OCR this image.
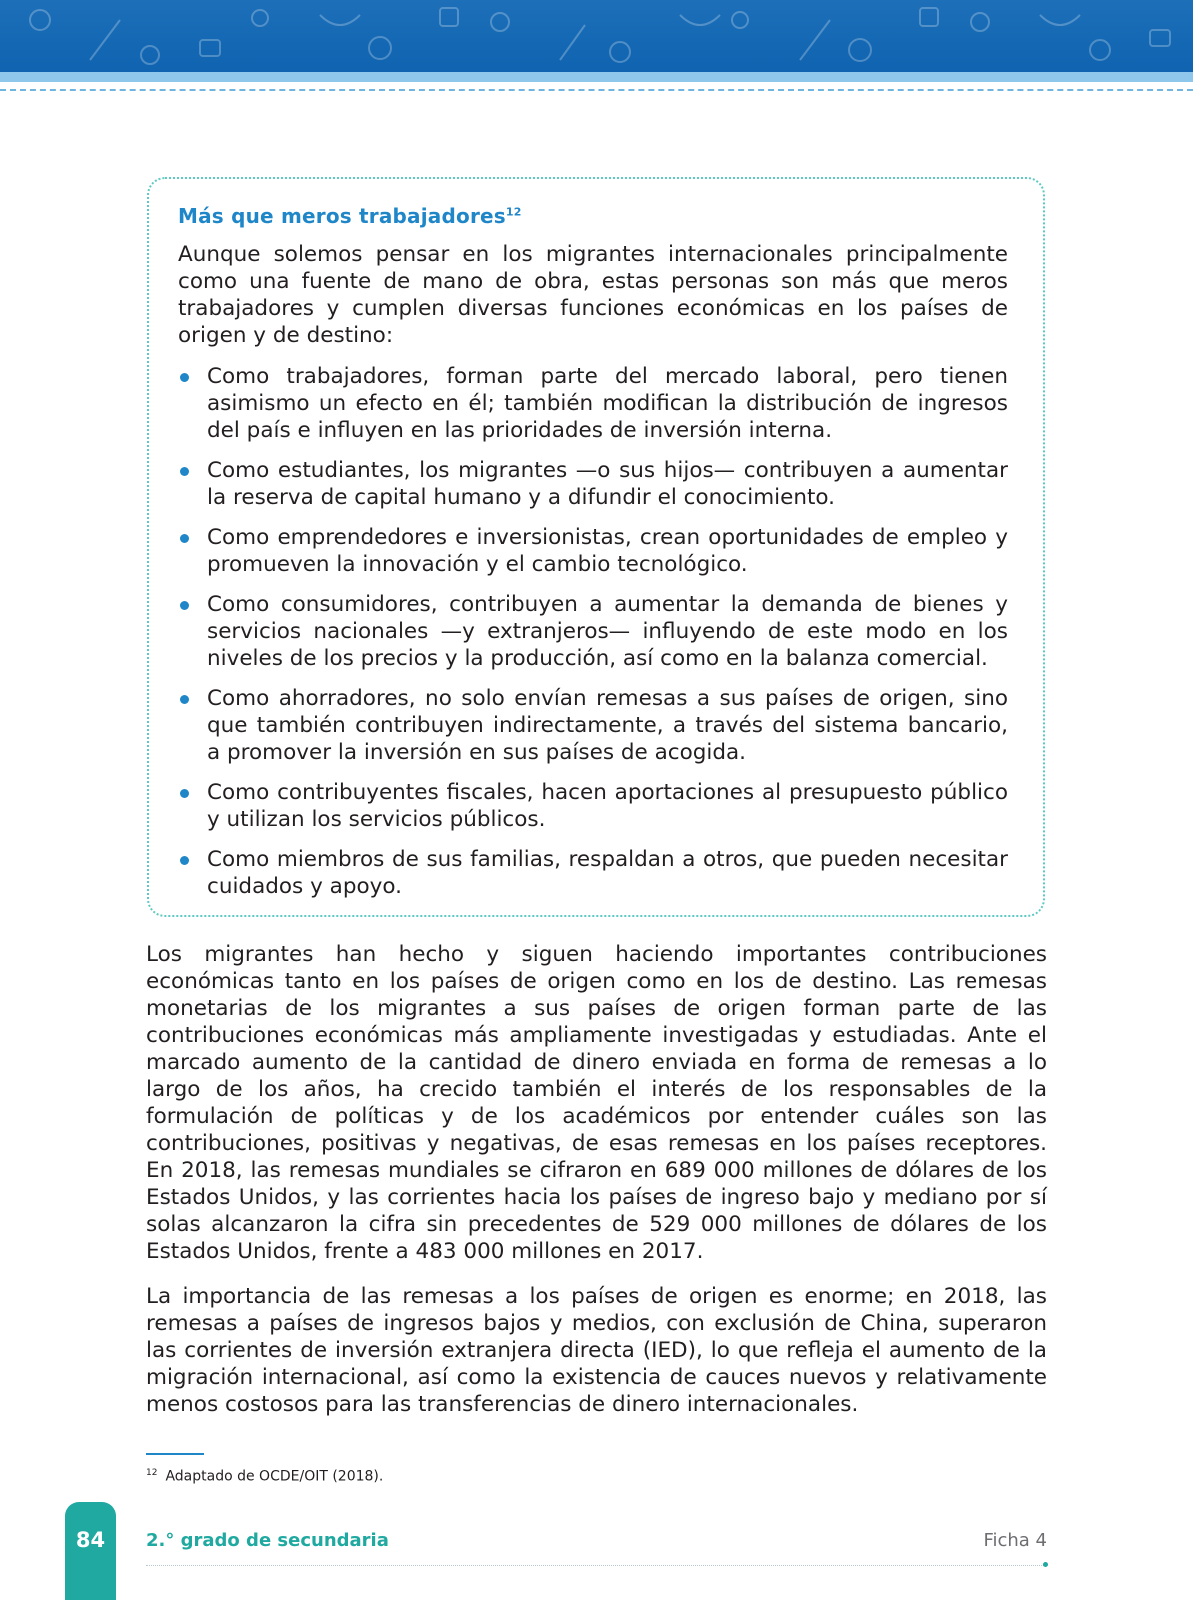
Más que meros trabajadores$^{12}$

Aunque solemos pensar en los migrantes internacionales principalmente como una fuente de mano de obra, estas personas son más que meros trabajadores y cumplen diversas funciones económicas en los países de origen y de destino:

Como trabajadores, forman parte del mercado laboral, pero tienen asimismo un efecto en él; también modifican la distribución de ingresos del país e influyen en las prioridades de inversión interna.
Como estudiantes, los migrantes —o sus hijos— contribuyen a aumentar la reserva de capital humano y a difundir el conocimiento.
Como emprendedores e inversionistas, crean oportunidades de empleo y promueven la innovación y el cambio tecnológico.
Como consumidores, contribuyen a aumentar la demanda de bienes y servicios nacionales —y extranjeros— influyendo de este modo en los niveles de los precios y la producción, así como en la balanza comercial.
Como ahorradores, no solo envían remesas a sus países de origen, sino que también contribuyen indirectamente, a través del sistema bancario, a promover la inversión en sus países de acogida.
Como contribuyentes fiscales, hacen aportaciones al presupuesto público y utilizan los servicios públicos.
Como miembros de sus familias, respaldan a otros, que pueden necesitar cuidados y apoyo.

Los migrantes han hecho y siguen haciendo importantes contribuciones económicas tanto en los países de origen como en los de destino. Las remesas monetarias de los migrantes a sus países de origen forman parte de las contribuciones económicas más ampliamente investigadas y estudiadas. Ante el marcado aumento de la cantidad de dinero enviada en forma de remesas a lo largo de los años, ha crecido también el interés de los responsables de la formulación de políticas y de los académicos por entender cuáles son las contribuciones, positivas y negativas, de esas remesas en los países receptores. En 2018, las remesas mundiales se cifraron en 689 000 millones de dólares de los Estados Unidos, y las corrientes hacia los países de ingreso bajo y mediano por sí solas alcanzaron la cifra sin precedentes de 529 000 millones de dólares de los Estados Unidos, frente a 483 000 millones en 2017.

La importancia de las remesas a los países de origen es enorme; en 2018, las remesas a países de ingresos bajos y medios, con exclusión de China, superaron las corrientes de inversión extranjera directa (IED), lo que refleja el aumento de la migración internacional, así como la existencia de cauces nuevos y relativamente menos costosos para las transferencias de dinero internacionales.

$^{12}$ Adaptado de OCDE/OIT (2018).
84	2.° grado de secundaria	Ficha 4
